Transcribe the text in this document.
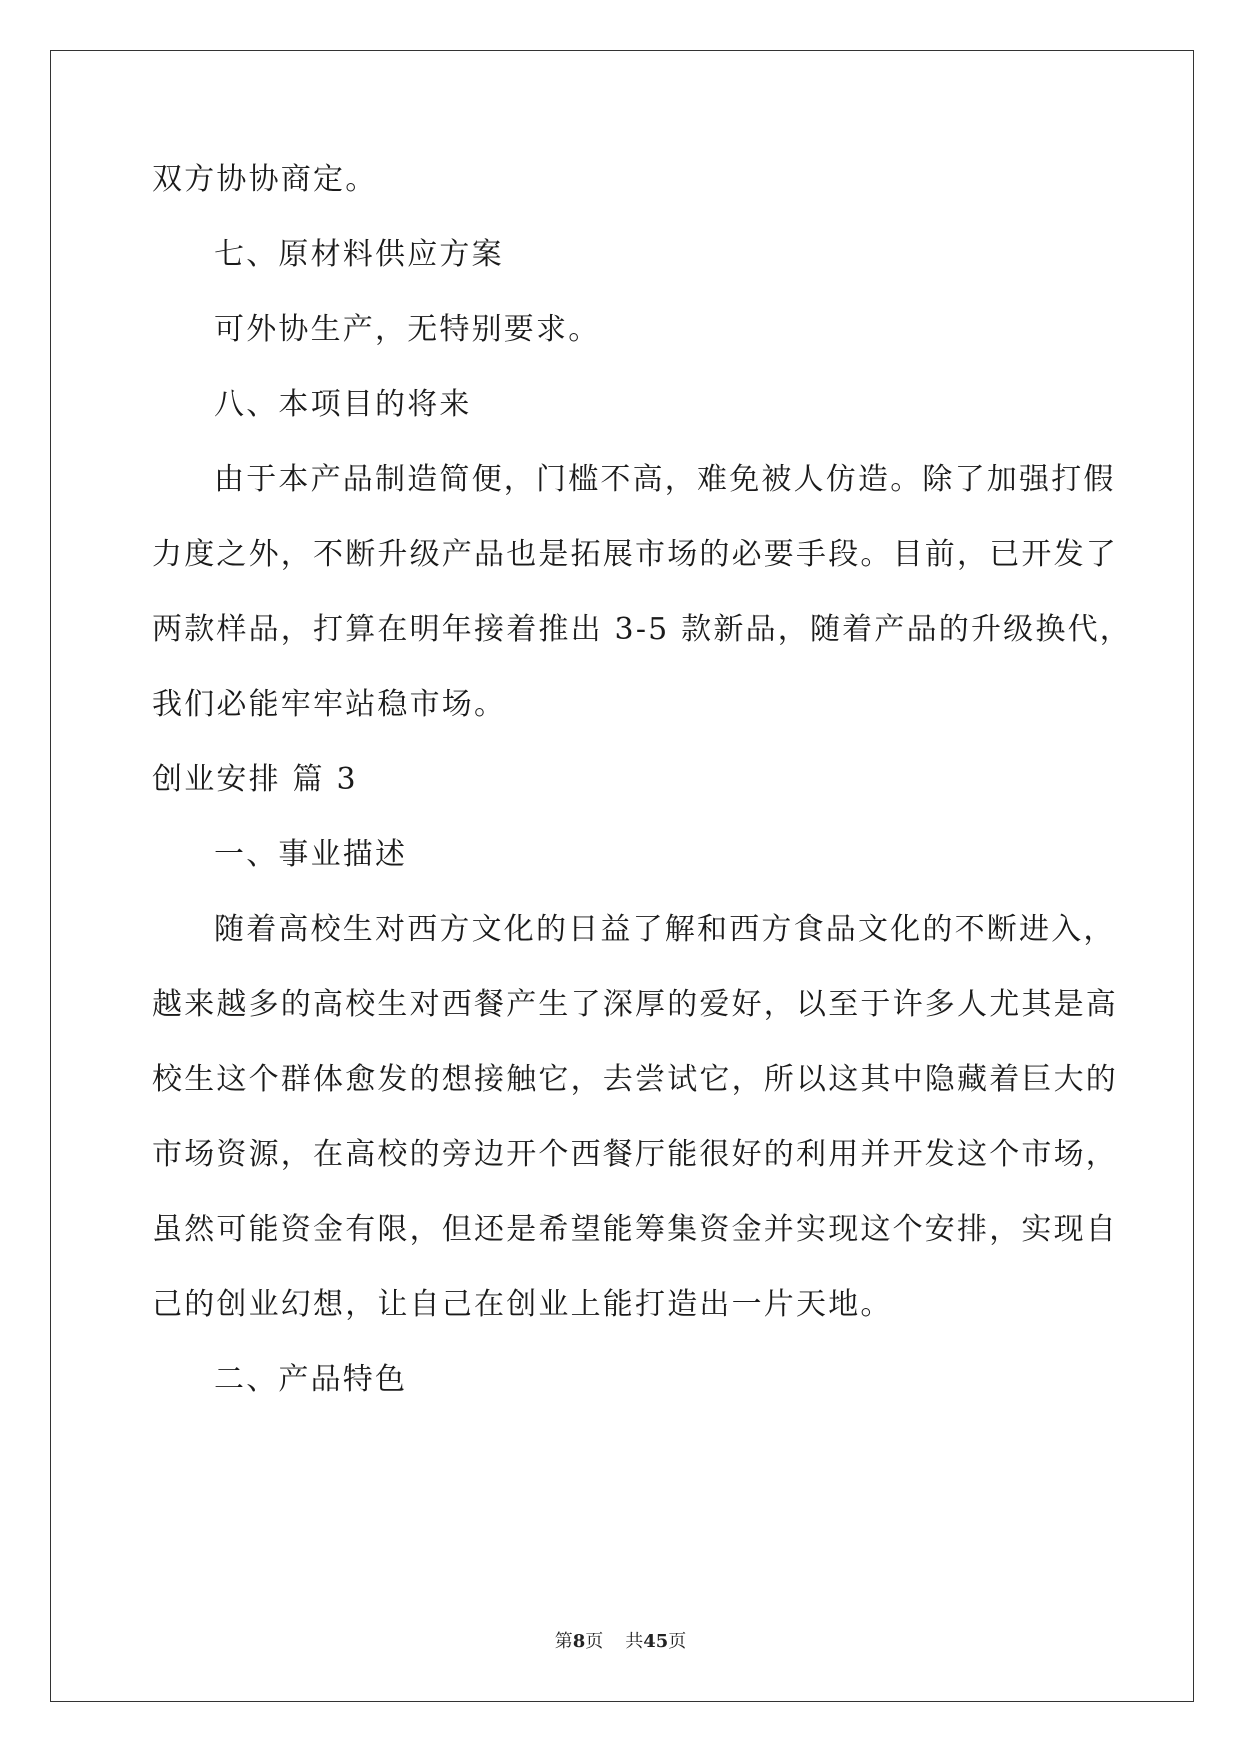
双方协协商定。
七、原材料供应方案
可外协生产，无特别要求。
八、本项目的将来
由于本产品制造简便，门槛不高，难免被人仿造。除了加强打假
力度之外，不断升级产品也是拓展市场的必要手段。目前，已开发了
两款样品，打算在明年接着推出 3-5 款新品，随着产品的升级换代，
我们必能牢牢站稳市场。
创业安排 篇 3
一、事业描述
随着高校生对西方文化的日益了解和西方食品文化的不断进入，
越来越多的高校生对西餐产生了深厚的爱好，以至于许多人尤其是高
校生这个群体愈发的想接触它，去尝试它，所以这其中隐藏着巨大的
市场资源，在高校的旁边开个西餐厅能很好的利用并开发这个市场，
虽然可能资金有限，但还是希望能筹集资金并实现这个安排，实现自
己的创业幻想，让自己在创业上能打造出一片天地。
二、产品特色
第8页 共45页
